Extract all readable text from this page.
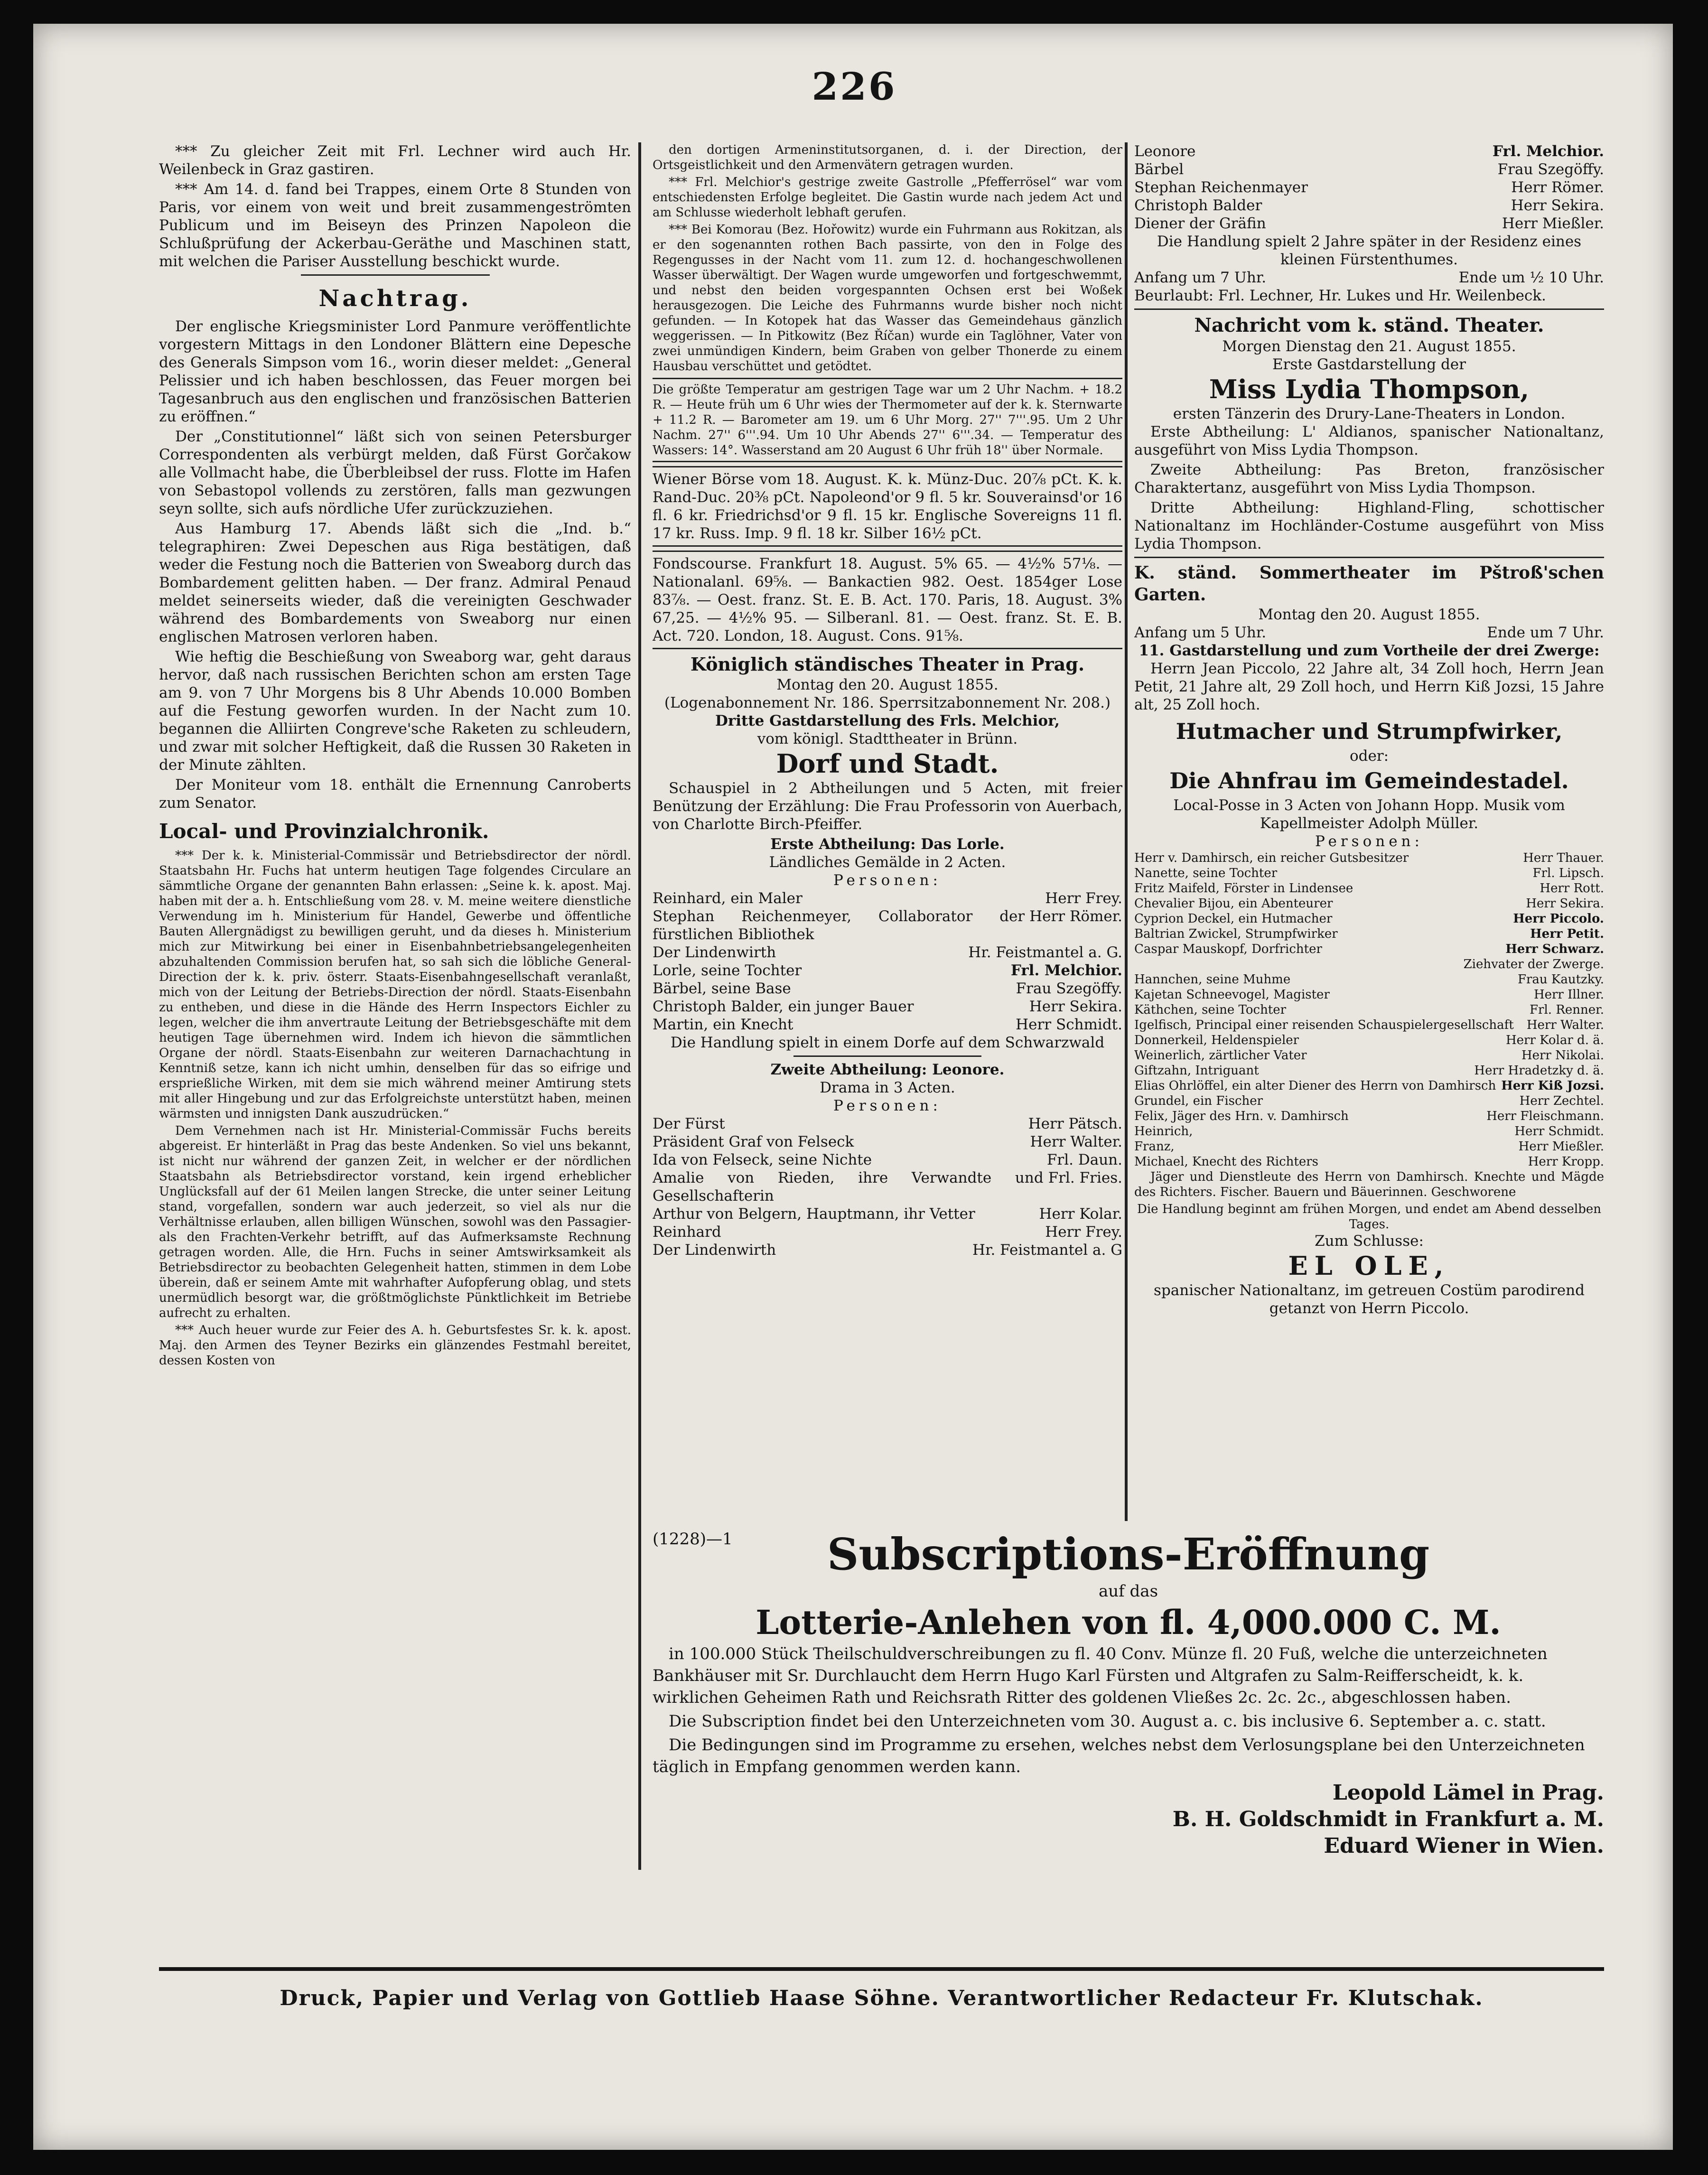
226

*** Zu gleicher Zeit mit Frl. Lechner wird auch Hr. Weilenbeck in Graz gastiren.

*** Am 14. d. fand bei Trappes, einem Orte 8 Stunden von Paris, vor einem von weit und breit zusammengeströmten Publicum und im Beiseyn des Prinzen Napoleon die Schlußprüfung der Ackerbau-Geräthe und Maschinen statt, mit welchen die Pariser Ausstellung beschickt wurde.

Nachtrag.

Der englische Kriegsminister Lord Panmure veröffentlichte vorgestern Mittags in den Londoner Blättern eine Depesche des Generals Simpson vom 16., worin dieser meldet: „General Pelissier und ich haben beschlossen, das Feuer morgen bei Tagesanbruch aus den englischen und französischen Batterien zu eröffnen.“

Der „Constitutionnel“ läßt sich von seinen Petersburger Correspondenten als verbürgt melden, daß Fürst Gorčakow alle Vollmacht habe, die Überbleibsel der russ. Flotte im Hafen von Sebastopol vollends zu zerstören, falls man gezwungen seyn sollte, sich aufs nördliche Ufer zurückzuziehen.

Aus Hamburg 17. Abends läßt sich die „Ind. b.“ telegraphiren: Zwei Depeschen aus Riga bestätigen, daß weder die Festung noch die Batterien von Sweaborg durch das Bombardement gelitten haben. — Der franz. Admiral Penaud meldet seinerseits wieder, daß die vereinigten Geschwader während des Bombardements von Sweaborg nur einen englischen Matrosen verloren haben.

Wie heftig die Beschießung von Sweaborg war, geht daraus hervor, daß nach russischen Berichten schon am ersten Tage am 9. von 7 Uhr Morgens bis 8 Uhr Abends 10.000 Bomben auf die Festung geworfen wurden. In der Nacht zum 10. begannen die Alliirten Congreve'sche Raketen zu schleudern, und zwar mit solcher Heftigkeit, daß die Russen 30 Raketen in der Minute zählten.

Der Moniteur vom 18. enthält die Ernennung Canroberts zum Senator.

Local- und Provinzialchronik.

*** Der k. k. Ministerial-Commissär und Betriebsdirector der nördl. Staatsbahn Hr. Fuchs hat unterm heutigen Tage folgendes Circulare an sämmtliche Organe der genannten Bahn erlassen: „Seine k. k. apost. Maj. haben mit der a. h. Entschließung vom 28. v. M. meine weitere dienstliche Verwendung im h. Ministerium für Handel, Gewerbe und öffentliche Bauten Allergnädigst zu bewilligen geruht, und da dieses h. Ministerium mich zur Mitwirkung bei einer in Eisenbahnbetriebsangelegenheiten abzuhaltenden Commission berufen hat, so sah sich die löbliche General-Direction der k. k. priv. österr. Staats-Eisenbahngesellschaft veranlaßt, mich von der Leitung der Betriebs-Direction der nördl. Staats-Eisenbahn zu entheben, und diese in die Hände des Herrn Inspectors Eichler zu legen, welcher die ihm anvertraute Leitung der Betriebsgeschäfte mit dem heutigen Tage übernehmen wird. Indem ich hievon die sämmtlichen Organe der nördl. Staats-Eisenbahn zur weiteren Darnachachtung in Kenntniß setze, kann ich nicht umhin, denselben für das so eifrige und ersprießliche Wirken, mit dem sie mich während meiner Amtirung stets mit aller Hingebung und zur das Erfolgreichste unterstützt haben, meinen wärmsten und innigsten Dank auszudrücken.“

Dem Vernehmen nach ist Hr. Ministerial-Commissär Fuchs bereits abgereist. Er hinterläßt in Prag das beste Andenken. So viel uns bekannt, ist nicht nur während der ganzen Zeit, in welcher er der nördlichen Staatsbahn als Betriebsdirector vorstand, kein irgend erheblicher Unglücksfall auf der 61 Meilen langen Strecke, die unter seiner Leitung stand, vorgefallen, sondern war auch jederzeit, so viel als nur die Verhältnisse erlauben, allen billigen Wünschen, sowohl was den Passagier- als den Frachten-Verkehr betrifft, auf das Aufmerksamste Rechnung getragen worden. Alle, die Hrn. Fuchs in seiner Amtswirksamkeit als Betriebsdirector zu beobachten Gelegenheit hatten, stimmen in dem Lobe überein, daß er seinem Amte mit wahrhafter Aufopferung oblag, und stets unermüdlich besorgt war, die größtmöglichste Pünktlichkeit im Betriebe aufrecht zu erhalten.

*** Auch heuer wurde zur Feier des A. h. Geburtsfestes Sr. k. k. apost. Maj. den Armen des Teyner Bezirks ein glänzendes Festmahl bereitet, dessen Kosten von

den dortigen Armeninstitutsorganen, d. i. der Direction, der Ortsgeistlichkeit und den Armenvätern getragen wurden.

*** Frl. Melchior's gestrige zweite Gastrolle „Pfefferrösel“ war vom entschiedensten Erfolge begleitet. Die Gastin wurde nach jedem Act und am Schlusse wiederholt lebhaft gerufen.

*** Bei Komorau (Bez. Hořowitz) wurde ein Fuhrmann aus Rokitzan, als er den sogenannten rothen Bach passirte, von den in Folge des Regengusses in der Nacht vom 11. zum 12. d. hochangeschwollenen Wasser überwältigt. Der Wagen wurde umgeworfen und fortgeschwemmt, und nebst den beiden vorgespannten Ochsen erst bei Woßek herausgezogen. Die Leiche des Fuhrmanns wurde bisher noch nicht gefunden. — In Kotopek hat das Wasser das Gemeindehaus gänzlich weggerissen. — In Pitkowitz (Bez Říčan) wurde ein Taglöhner, Vater von zwei unmündigen Kindern, beim Graben von gelber Thonerde zu einem Hausbau verschüttet und getödtet.

Die größte Temperatur am gestrigen Tage war um 2 Uhr Nachm. + 18.2 R. — Heute früh um 6 Uhr wies der Thermometer auf der k. k. Sternwarte + 11.2 R. — Barometer am 19. um 6 Uhr Morg. 27'' 7'''.95. Um 2 Uhr Nachm. 27'' 6'''.94. Um 10 Uhr Abends 27'' 6'''.34. — Temperatur des Wassers: 14°. Wasserstand am 20 August 6 Uhr früh 18'' über Normale.
Wiener Börse vom 18. August. K. k. Münz-Duc. 20⅞ pCt. K. k. Rand-Duc. 20⅜ pCt. Napoleond'or 9 fl. 5 kr. Souverainsd'or 16 fl. 6 kr. Friedrichsd'or 9 fl. 15 kr. Englische Sovereigns 11 fl. 17 kr. Russ. Imp. 9 fl. 18 kr. Silber 16½ pCt.
Fondscourse. Frankfurt 18. August. 5% 65. — 4½% 57⅛. — Nationalanl. 69⅝. — Bankactien 982. Oest. 1854ger Lose 83⅞. — Oest. franz. St. E. B. Act. 170. Paris, 18. August. 3% 67,25. — 4½% 95. — Silberanl. 81. — Oest. franz. St. E. B. Act. 720. London, 18. August. Cons. 91⅝.
Königlich ständisches Theater in Prag.
Montag den 20. August 1855.
(Logenabonnement Nr. 186. Sperrsitzabonnement Nr. 208.)
Dritte Gastdarstellung des Frls. Melchior,
vom königl. Stadttheater in Brünn.
Dorf und Stadt.

Schauspiel in 2 Abtheilungen und 5 Acten, mit freier Benützung der Erzählung: Die Frau Professorin von Auerbach, von Charlotte Birch-Pfeiffer.

Erste Abtheilung: Das Lorle.
Ländliches Gemälde in 2 Acten.
Personen:
Reinhard, ein Maler	Herr Frey.
Stephan Reichenmeyer, Collaborator der fürstlichen Bibliothek
Herr Römer.
Der Lindenwirth	Hr. Feistmantel a. G.
Lorle, seine Tochter	Frl. Melchior.
Bärbel, seine Base	Frau Szegöffy.
Christoph Balder, ein junger Bauer	Herr Sekira.
Martin, ein Knecht	Herr Schmidt.
Die Handlung spielt in einem Dorfe auf dem Schwarzwald
Zweite Abtheilung: Leonore.
Drama in 3 Acten.
Personen:
Der Fürst	Herr Pätsch.
Präsident Graf von Felseck	Herr Walter.
Ida von Felseck, seine Nichte	Frl. Daun.
Amalie von Rieden, ihre Verwandte und Gesellschafterin
Frl. Fries.
Arthur von Belgern, Hauptmann, ihr Vetter	Herr Kolar.
Reinhard	Herr Frey.
Der Lindenwirth	Hr. Feistmantel a. G
Leonore	Frl. Melchior.
Bärbel	Frau Szegöffy.
Stephan Reichenmayer	Herr Römer.
Christoph Balder	Herr Sekira.
Diener der Gräfin	Herr Mießler.
Die Handlung spielt 2 Jahre später in der Residenz eines kleinen Fürstenthumes.
Anfang um 7 Uhr.	Ende um ½ 10 Uhr.
Beurlaubt: Frl. Lechner, Hr. Lukes und Hr. Weilenbeck.
Nachricht vom k. ständ. Theater.
Morgen Dienstag den 21. August 1855.
Erste Gastdarstellung der
Miss Lydia Thompson,
ersten Tänzerin des Drury-Lane-Theaters in London.

Erste Abtheilung: L' Aldianos, spanischer Nationaltanz, ausgeführt von Miss Lydia Thompson.

Zweite Abtheilung: Pas Breton, französischer Charaktertanz, ausgeführt von Miss Lydia Thompson.

Dritte Abtheilung: Highland-Fling, schottischer Nationaltanz im Hochländer-Costume ausgeführt von Miss Lydia Thompson.

K. ständ. Sommertheater im Pštroß'schen Garten.
Montag den 20. August 1855.
Anfang um 5 Uhr.	Ende um 7 Uhr.
11. Gastdarstellung und zum Vortheile der drei Zwerge:

Herrn Jean Piccolo, 22 Jahre alt, 34 Zoll hoch, Herrn Jean Petit, 21 Jahre alt, 29 Zoll hoch, und Herrn Kiß Jozsi, 15 Jahre alt, 25 Zoll hoch.

Hutmacher und Strumpfwirker,
oder:
Die Ahnfrau im Gemeindestadel.
Local-Posse in 3 Acten von Johann Hopp. Musik vom Kapellmeister Adolph Müller.
Personen:
Herr v. Damhirsch, ein reicher Gutsbesitzer	Herr Thauer.
Nanette, seine Tochter	Frl. Lipsch.
Fritz Maifeld, Förster in Lindensee	Herr Rott.
Chevalier Bijou, ein Abenteurer	Herr Sekira.
Cyprion Deckel, ein Hutmacher	Herr Piccolo.
Baltrian Zwickel, Strumpfwirker	Herr Petit.
Caspar Mauskopf, Dorfrichter	Herr Schwarz.
Ziehvater der Zwerge.
Hannchen, seine Muhme	Frau Kautzky.
Kajetan Schneevogel, Magister	Herr Illner.
Käthchen, seine Tochter	Frl. Renner.
Igelfisch, Principal einer reisenden Schauspielergesellschaft Herr Walter.
Donnerkeil, Heldenspieler	Herr Kolar d. ä.
Weinerlich, zärtlicher Vater	Herr Nikolai.
Giftzahn, Intriguant	Herr Hradetzky d. ä.
Elias Ohrlöffel, ein alter Diener des Herrn von Damhirsch Herr Kiß Jozsi.
Grundel, ein Fischer	Herr Zechtel.
Felix, Jäger des Hrn. v. Damhirsch	Herr Fleischmann.
Heinrich,	Herr Schmidt.
Franz,	Herr Mießler.
Michael, Knecht des Richters	Herr Kropp.

Jäger und Dienstleute des Herrn von Damhirsch. Knechte und Mägde des Richters. Fischer. Bauern und Bäuerinnen. Geschworene

Die Handlung beginnt am frühen Morgen, und endet am Abend desselben Tages.
Zum Schlusse:
EL OLE,
spanischer Nationaltanz, im getreuen Costüm parodirend getanzt von Herrn Piccolo.
(1228)—1	Subscriptions-Eröffnung
auf das
Lotterie-Anlehen von fl. 4,000.000 C. M.

in 100.000 Stück Theilschuldverschreibungen zu fl. 40 Conv. Münze fl. 20 Fuß, welche die unterzeichneten Bankhäuser mit Sr. Durchlaucht dem Herrn Hugo Karl Fürsten und Altgrafen zu Salm-Reifferscheidt, k. k. wirklichen Geheimen Rath und Reichsrath Ritter des goldenen Vließes 2c. 2c. 2c., abgeschlossen haben.

Die Subscription findet bei den Unterzeichneten vom 30. August a. c. bis inclusive 6. September a. c. statt.

Die Bedingungen sind im Programme zu ersehen, welches nebst dem Verlosungsplane bei den Unterzeichneten täglich in Empfang genommen werden kann.

Leopold Lämel in Prag.
B. H. Goldschmidt in Frankfurt a. M.
Eduard Wiener in Wien.
Druck, Papier und Verlag von Gottlieb Haase Söhne. Verantwortlicher Redacteur Fr. Klutschak.
